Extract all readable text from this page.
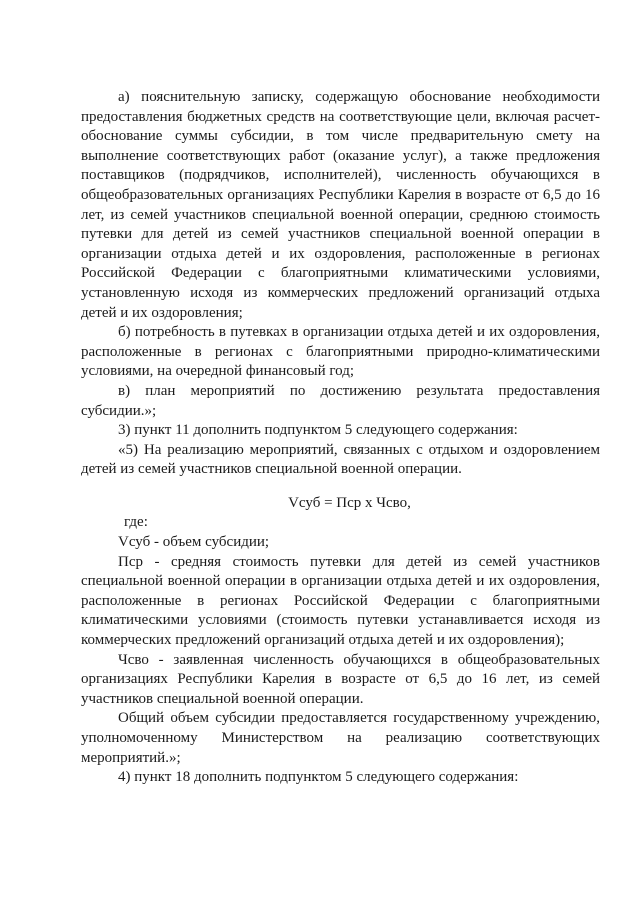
а) пояснительную записку, содержащую обоснование необходимости предоставления бюджетных средств на соответствующие цели, включая расчет-обоснование суммы субсидии, в том числе предварительную смету на выполнение соответствующих работ (оказание услуг), а также предложения поставщиков (подрядчиков, исполнителей), численность обучающихся в общеобразовательных организациях Республики Карелия в возрасте от 6,5 до 16 лет, из семей участников специальной военной операции, среднюю стоимость путевки для детей из семей участников специальной военной операции в организации отдыха детей и их оздоровления, расположенные в регионах Российской Федерации с благоприятными климатическими условиями, установленную исходя из коммерческих предложений организаций отдыха детей и их оздоровления;

б) потребность в путевках в организации отдыха детей и их оздоровления, расположенные в регионах с благоприятными природно-климатическими условиями, на очередной финансовый год;

в) план мероприятий по достижению результата предоставления субсидии.»;

3) пункт 11 дополнить подпунктом 5 следующего содержания:

«5) На реализацию мероприятий, связанных с отдыхом и оздоровлением детей из семей участников специальной военной операции.

Vсуб = Пср х Чсво,

где:

Vсуб - объем субсидии;

Пср - средняя стоимость путевки для детей из семей участников специальной военной операции в организации отдыха детей и их оздоровления, расположенные в регионах Российской Федерации с благоприятными климатическими условиями (стоимость путевки устанавливается исходя из коммерческих предложений организаций отдыха детей и их оздоровления);

Чсво - заявленная численность обучающихся в общеобразовательных организациях Республики Карелия в возрасте от 6,5 до 16 лет, из семей участников специальной военной операции.

Общий объем субсидии предоставляется государственному учреждению, уполномоченному Министерством на реализацию соответствующих мероприятий.»;

4) пункт 18 дополнить подпунктом 5 следующего содержания:
